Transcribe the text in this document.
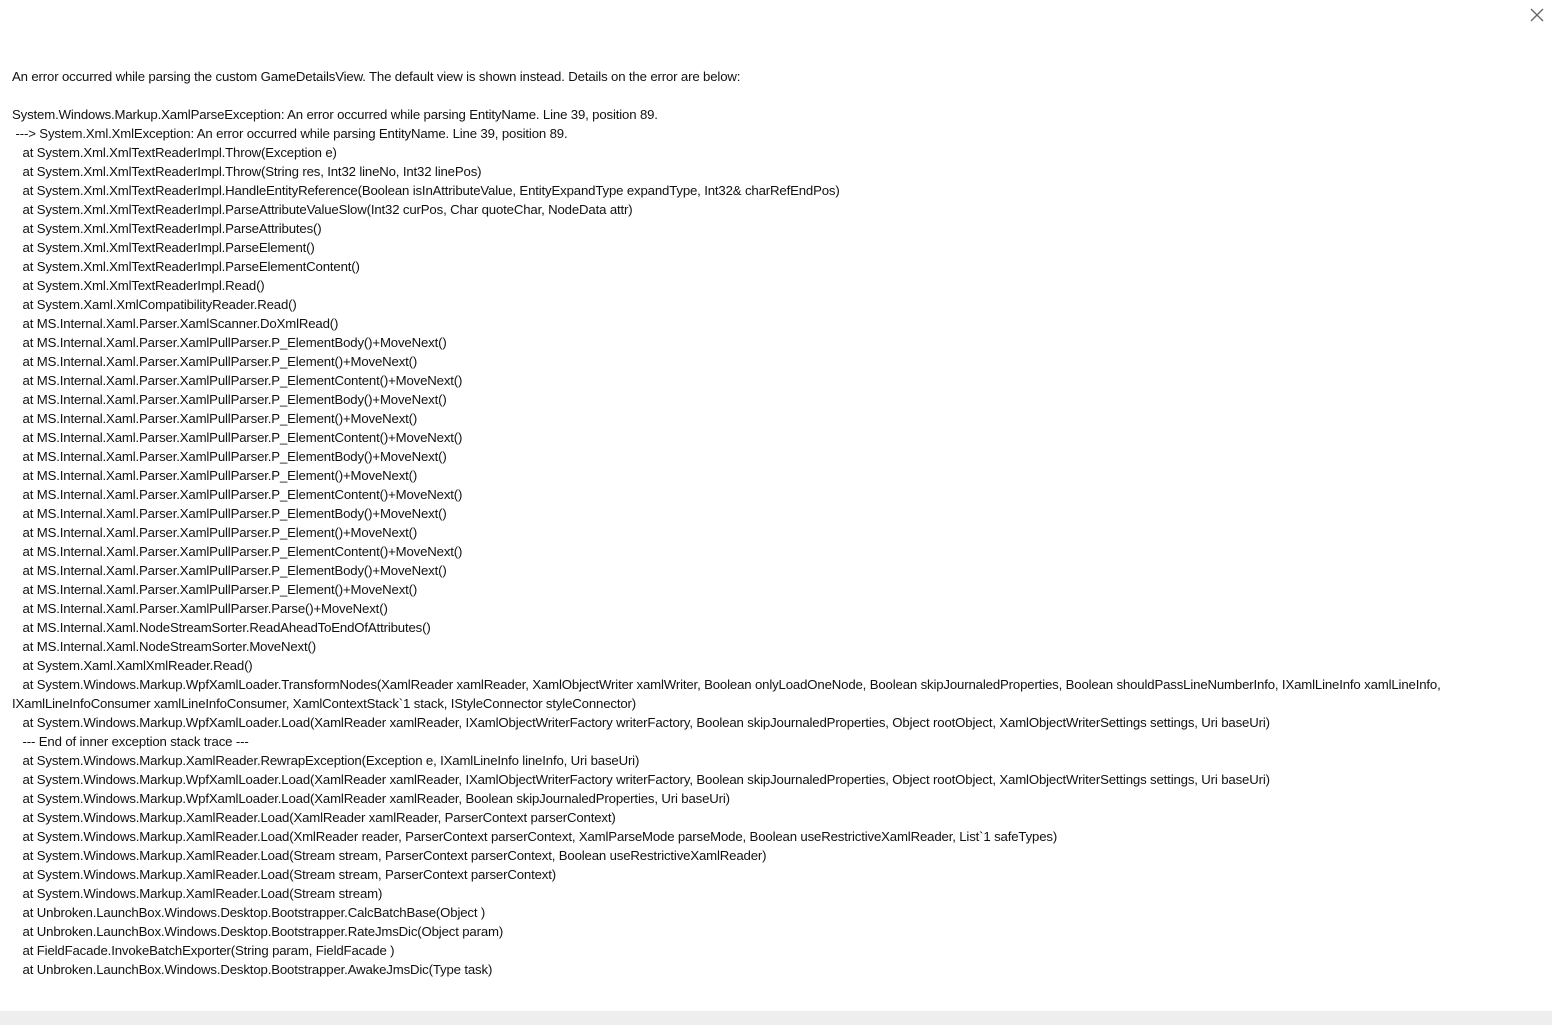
An error occurred while parsing the custom GameDetailsView. The default view is shown instead. Details on the error are below:

System.Windows.Markup.XamlParseException: An error occurred while parsing EntityName. Line 39, position 89.
---> System.Xml.XmlException: An error occurred while parsing EntityName. Line 39, position 89.
at System.Xml.XmlTextReaderImpl.Throw(Exception e)
at System.Xml.XmlTextReaderImpl.Throw(String res, Int32 lineNo, Int32 linePos)
at System.Xml.XmlTextReaderImpl.HandleEntityReference(Boolean isInAttributeValue, EntityExpandType expandType, Int32& charRefEndPos)
at System.Xml.XmlTextReaderImpl.ParseAttributeValueSlow(Int32 curPos, Char quoteChar, NodeData attr)
at System.Xml.XmlTextReaderImpl.ParseAttributes()
at System.Xml.XmlTextReaderImpl.ParseElement()
at System.Xml.XmlTextReaderImpl.ParseElementContent()
at System.Xml.XmlTextReaderImpl.Read()
at System.Xaml.XmlCompatibilityReader.Read()
at MS.Internal.Xaml.Parser.XamlScanner.DoXmlRead()
at MS.Internal.Xaml.Parser.XamlPullParser.P_ElementBody()+MoveNext()
at MS.Internal.Xaml.Parser.XamlPullParser.P_Element()+MoveNext()
at MS.Internal.Xaml.Parser.XamlPullParser.P_ElementContent()+MoveNext()
at MS.Internal.Xaml.Parser.XamlPullParser.P_ElementBody()+MoveNext()
at MS.Internal.Xaml.Parser.XamlPullParser.P_Element()+MoveNext()
at MS.Internal.Xaml.Parser.XamlPullParser.P_ElementContent()+MoveNext()
at MS.Internal.Xaml.Parser.XamlPullParser.P_ElementBody()+MoveNext()
at MS.Internal.Xaml.Parser.XamlPullParser.P_Element()+MoveNext()
at MS.Internal.Xaml.Parser.XamlPullParser.P_ElementContent()+MoveNext()
at MS.Internal.Xaml.Parser.XamlPullParser.P_ElementBody()+MoveNext()
at MS.Internal.Xaml.Parser.XamlPullParser.P_Element()+MoveNext()
at MS.Internal.Xaml.Parser.XamlPullParser.P_ElementContent()+MoveNext()
at MS.Internal.Xaml.Parser.XamlPullParser.P_ElementBody()+MoveNext()
at MS.Internal.Xaml.Parser.XamlPullParser.P_Element()+MoveNext()
at MS.Internal.Xaml.Parser.XamlPullParser.Parse()+MoveNext()
at MS.Internal.Xaml.NodeStreamSorter.ReadAheadToEndOfAttributes()
at MS.Internal.Xaml.NodeStreamSorter.MoveNext()
at System.Xaml.XamlXmlReader.Read()
at System.Windows.Markup.WpfXamlLoader.TransformNodes(XamlReader xamlReader, XamlObjectWriter xamlWriter, Boolean onlyLoadOneNode, Boolean skipJournaledProperties, Boolean shouldPassLineNumberInfo, IXamlLineInfo xamlLineInfo, IXamlLineInfoConsumer xamlLineInfoConsumer, XamlContextStack`1 stack, IStyleConnector styleConnector)
at System.Windows.Markup.WpfXamlLoader.Load(XamlReader xamlReader, IXamlObjectWriterFactory writerFactory, Boolean skipJournaledProperties, Object rootObject, XamlObjectWriterSettings settings, Uri baseUri)
--- End of inner exception stack trace ---
at System.Windows.Markup.XamlReader.RewrapException(Exception e, IXamlLineInfo lineInfo, Uri baseUri)
at System.Windows.Markup.WpfXamlLoader.Load(XamlReader xamlReader, IXamlObjectWriterFactory writerFactory, Boolean skipJournaledProperties, Object rootObject, XamlObjectWriterSettings settings, Uri baseUri)
at System.Windows.Markup.WpfXamlLoader.Load(XamlReader xamlReader, Boolean skipJournaledProperties, Uri baseUri)
at System.Windows.Markup.XamlReader.Load(XamlReader xamlReader, ParserContext parserContext)
at System.Windows.Markup.XamlReader.Load(XmlReader reader, ParserContext parserContext, XamlParseMode parseMode, Boolean useRestrictiveXamlReader, List`1 safeTypes)
at System.Windows.Markup.XamlReader.Load(Stream stream, ParserContext parserContext, Boolean useRestrictiveXamlReader)
at System.Windows.Markup.XamlReader.Load(Stream stream, ParserContext parserContext)
at System.Windows.Markup.XamlReader.Load(Stream stream)
at Unbroken.LaunchBox.Windows.Desktop.Bootstrapper.CalcBatchBase(Object )
at Unbroken.LaunchBox.Windows.Desktop.Bootstrapper.RateJmsDic(Object param)
at FieldFacade.InvokeBatchExporter(String param, FieldFacade )
at Unbroken.LaunchBox.Windows.Desktop.Bootstrapper.AwakeJmsDic(Type task)
